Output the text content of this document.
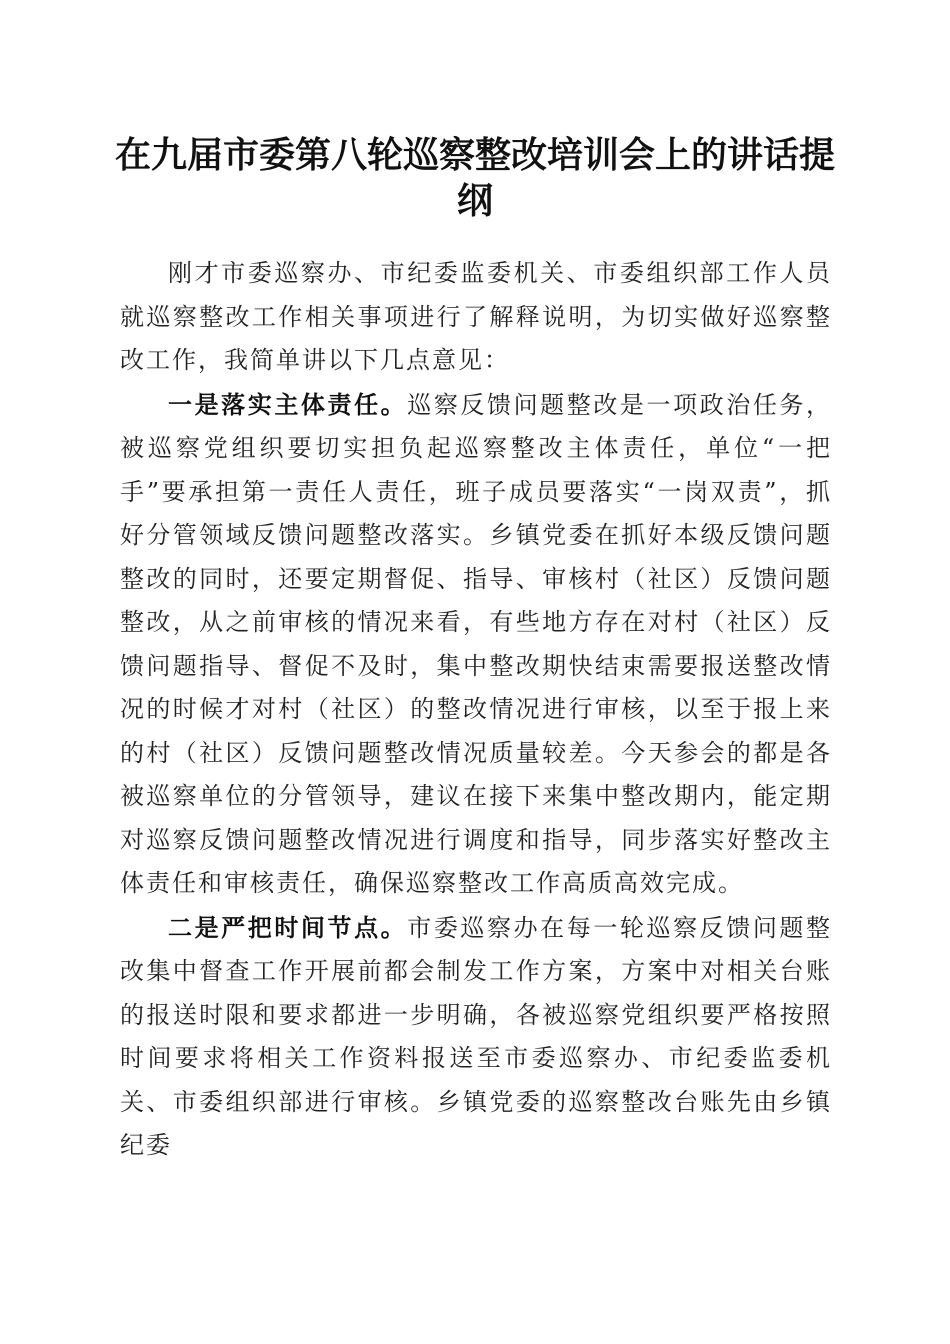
在九届市委第八轮巡察整改培训会上的讲话提纲

刚才市委巡察办、市纪委监委机关、市委组织部工作人员就巡察整改工作相关事项进行了解释说明，为切实做好巡察整改工作，我简单讲以下几点意见：

一是落实主体责任。巡察反馈问题整改是一项政治任务，被巡察党组织要切实担负起巡察整改主体责任，单位“一把手”要承担第一责任人责任，班子成员要落实“一岗双责”，抓好分管领域反馈问题整改落实。乡镇党委在抓好本级反馈问题整改的同时，还要定期督促、指导、审核村（社区）反馈问题整改，从之前审核的情况来看，有些地方存在对村（社区）反馈问题指导、督促不及时，集中整改期快结束需要报送整改情况的时候才对村（社区）的整改情况进行审核，以至于报上来的村（社区）反馈问题整改情况质量较差。今天参会的都是各被巡察单位的分管领导，建议在接下来集中整改期内，能定期对巡察反馈问题整改情况进行调度和指导，同步落实好整改主体责任和审核责任，确保巡察整改工作高质高效完成。

二是严把时间节点。市委巡察办在每一轮巡察反馈问题整改集中督查工作开展前都会制发工作方案，方案中对相关台账的报送时限和要求都进一步明确，各被巡察党组织要严格按照时间要求将相关工作资料报送至市委巡察办、市纪委监委机关、市委组织部进行审核。乡镇党委的巡察整改台账先由乡镇纪委
